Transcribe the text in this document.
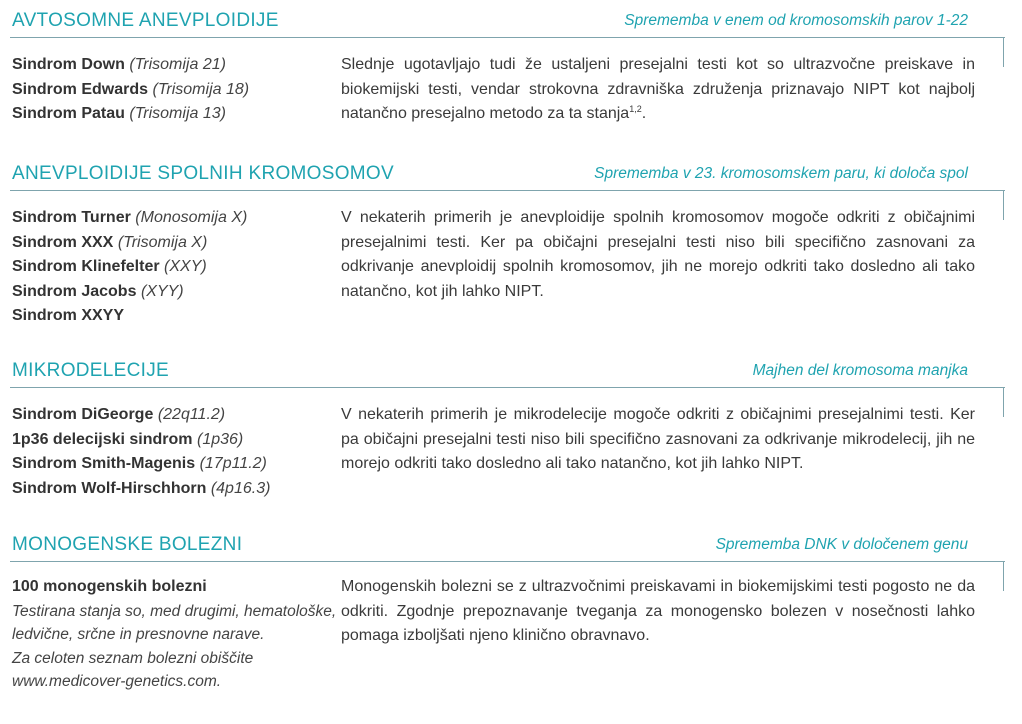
AVTOSOMNE ANEVPLOIDIJE	Sprememba v enem od kromosomskih parov 1-22
Sindrom Down (Trisomija 21)
Sindrom Edwards (Trisomija 18)
Sindrom Patau (Trisomija 13)
Slednje ugotavljajo tudi že ustaljeni presejalni testi kot so ultrazvočne preiskave in biokemijski testi, vendar strokovna zdravniška združenja priznavajo NIPT kot najbolj natančno presejalno metodo za ta stanja$^{1,2}$.
ANEVPLOIDIJE SPOLNIH KROMOSOMOV	Sprememba v 23. kromosomskem paru, ki določa spol
Sindrom Turner (Monosomija X)
Sindrom XXX (Trisomija X)
Sindrom Klinefelter (XXY)
Sindrom Jacobs (XYY)
Sindrom XXYY
V nekaterih primerih je anevploidije spolnih kromosomov mogoče odkriti z običajnimi presejalnimi testi. Ker pa običajni presejalni testi niso bili specifično zasnovani za odkrivanje anevploidij spolnih kromosomov, jih ne morejo odkriti tako dosledno ali tako natančno, kot jih lahko NIPT.
MIKRODELECIJE	Majhen del kromosoma manjka
Sindrom DiGeorge (22q11.2)
1p36 delecijski sindrom (1p36)
Sindrom Smith-Magenis (17p11.2)
Sindrom Wolf-Hirschhorn (4p16.3)
V nekaterih primerih je mikrodelecije mogoče odkriti z običajnimi presejalnimi testi. Ker pa običajni presejalni testi niso bili specifično zasnovani za odkrivanje mikrodelecij, jih ne morejo odkriti tako dosledno ali tako natančno, kot jih lahko NIPT.
MONOGENSKE BOLEZNI	Sprememba DNK v določenem genu
100 monogenskih bolezni
Testirana stanja so, med drugimi, hematološke,
ledvične, srčne in presnovne narave.
Za celoten seznam bolezni obiščite
www.medicover-genetics.com.
Monogenskih bolezni se z ultrazvočnimi preiskavami in biokemijskimi testi pogosto ne da odkriti. Zgodnje prepoznavanje tveganja za monogensko bolezen v nosečnosti lahko pomaga izboljšati njeno klinično obravnavo.
